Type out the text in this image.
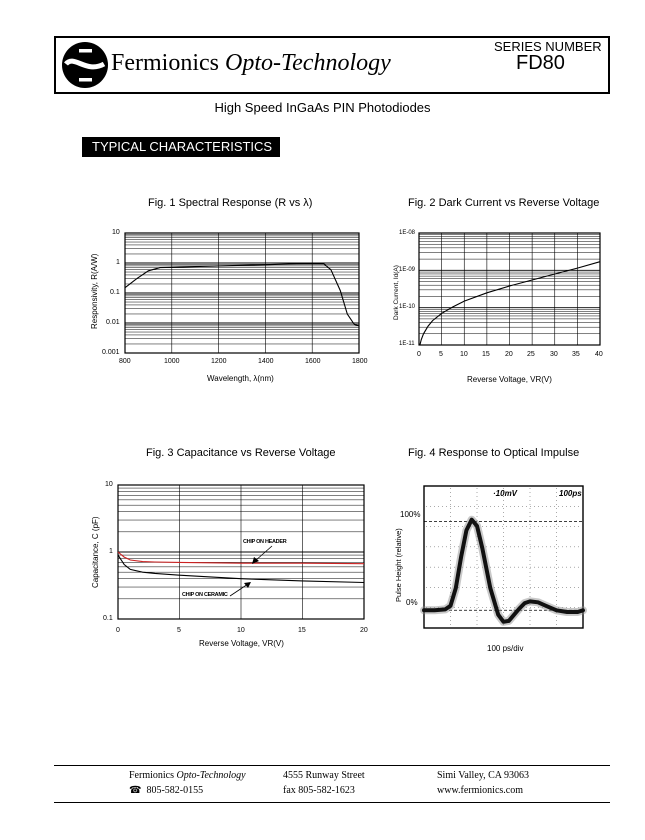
Fermionics Opto-Technology
SERIES NUMBER
FD80
High Speed InGaAs PIN Photodiodes
TYPICAL CHARACTERISTICS
Fig. 1 Spectral Response (R vs λ)
10
1
0.1
0.01
0.001
800	1000	1200	1400	1600	1800
Wavelength, λ(nm)
Responsivity, R(A/W)
Fig. 2 Dark Current vs Reverse Voltage
1E-08
1E-09
1E-10
1E-11
0	5 10 15 20 25 30 35 40
Reverse Voltage, VR(V)
Dark Current, Id(A)
Fig. 3 Capacitance vs Reverse Voltage
10
1
0.1
0	5	10	15	20
Reverse Voltage, VR(V)
Capacitance, C (pF)	CHIP ON HEADER
CHIP ON CERAMIC
Fig. 4 Response to Optical Impulse
100%
0%
·10mV	100ps
100 ps/div
Pulse Height (relative)
Fermionics Opto-Technology
☎ 805-582-0155
4555 Runway Street
fax 805-582-1623
Simi Valley, CA 93063
www.fermionics.com
